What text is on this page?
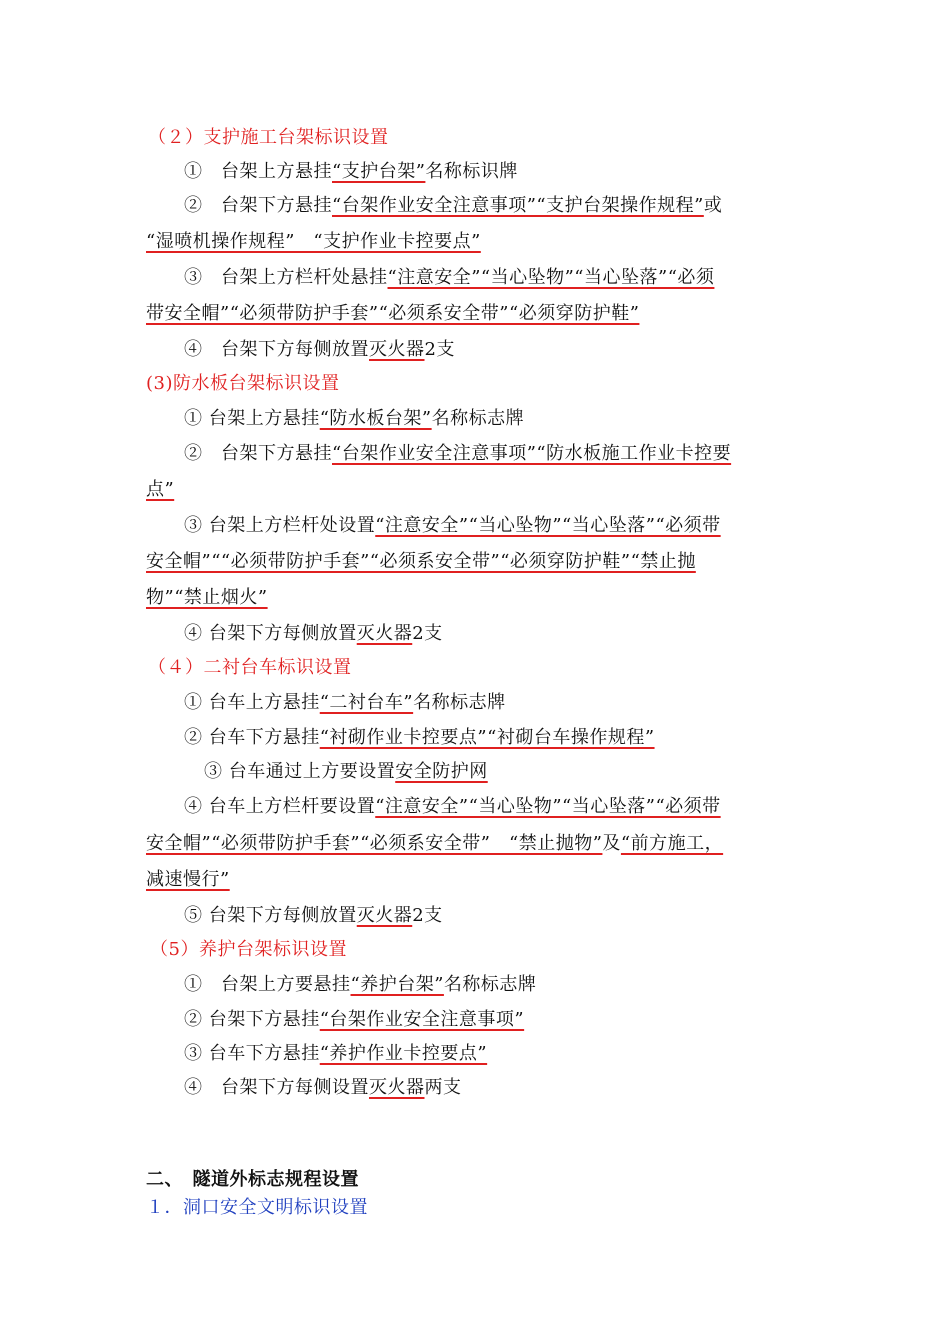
（２）支护施工台架标识设置
①　台架上方悬挂“支护台架”名称标识牌
②　台架下方悬挂“台架作业安全注意事项”“支护台架操作规程”或
“湿喷机操作规程”　“支护作业卡控要点”
③　台架上方栏杆处悬挂“注意安全”“当心坠物”“当心坠落”“必须
带安全帽”“必须带防护手套”“必须系安全带”“必须穿防护鞋”
④　台架下方每侧放置灭火器2支
(3)防水板台架标识设置
① 台架上方悬挂“防水板台架”名称标志牌
②　台架下方悬挂“台架作业安全注意事项”“防水板施工作业卡控要
点”
③ 台架上方栏杆处设置“注意安全”“当心坠物”“当心坠落”“必须带
安全帽”““必须带防护手套”“必须系安全带”“必须穿防护鞋”“禁止抛
物”“禁止烟火”
④ 台架下方每侧放置灭火器2支
（４）二衬台车标识设置
① 台车上方悬挂“二衬台车”名称标志牌
② 台车下方悬挂“衬砌作业卡控要点”“衬砌台车操作规程”
③ 台车通过上方要设置安全防护网
④ 台车上方栏杆要设置“注意安全”“当心坠物”“当心坠落”“必须带
安全帽”“必须带防护手套”“必须系安全带”　“禁止抛物”及“前方施工，
减速慢行”
⑤ 台架下方每侧放置灭火器2支
（5）养护台架标识设置
①　台架上方要悬挂“养护台架”名称标志牌
② 台架下方悬挂“台架作业安全注意事项”
③ 台车下方悬挂“养护作业卡控要点”
④　台架下方每侧设置灭火器两支
二、　隧道外标志规程设置
１．洞口安全文明标识设置
